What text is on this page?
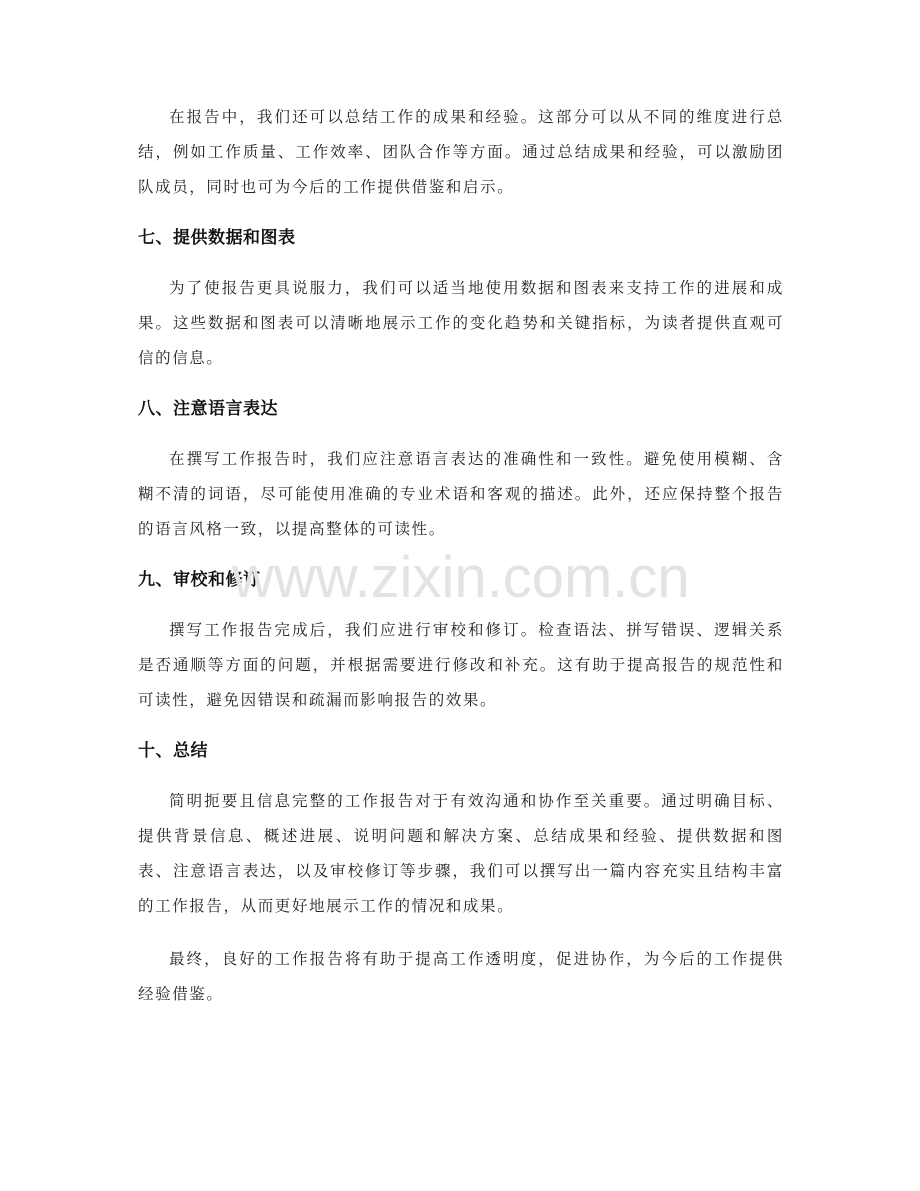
在报告中，我们还可以总结工作的成果和经验。这部分可以从不同的维度进行总结，例如工作质量、工作效率、团队合作等方面。通过总结成果和经验，可以激励团队成员，同时也可为今后的工作提供借鉴和启示。

七、提供数据和图表

为了使报告更具说服力，我们可以适当地使用数据和图表来支持工作的进展和成果。这些数据和图表可以清晰地展示工作的变化趋势和关键指标，为读者提供直观可信的信息。

八、注意语言表达

在撰写工作报告时，我们应注意语言表达的准确性和一致性。避免使用模糊、含糊不清的词语，尽可能使用准确的专业术语和客观的描述。此外，还应保持整个报告的语言风格一致，以提高整体的可读性。

九、审校和修订

撰写工作报告完成后，我们应进行审校和修订。检查语法、拼写错误、逻辑关系是否通顺等方面的问题，并根据需要进行修改和补充。这有助于提高报告的规范性和可读性，避免因错误和疏漏而影响报告的效果。

十、总结

简明扼要且信息完整的工作报告对于有效沟通和协作至关重要。通过明确目标、提供背景信息、概述进展、说明问题和解决方案、总结成果和经验、提供数据和图表、注意语言表达，以及审校修订等步骤，我们可以撰写出一篇内容充实且结构丰富的工作报告，从而更好地展示工作的情况和成果。

最终，良好的工作报告将有助于提高工作透明度，促进协作，为今后的工作提供经验借鉴。

www.zixin.com.cn
